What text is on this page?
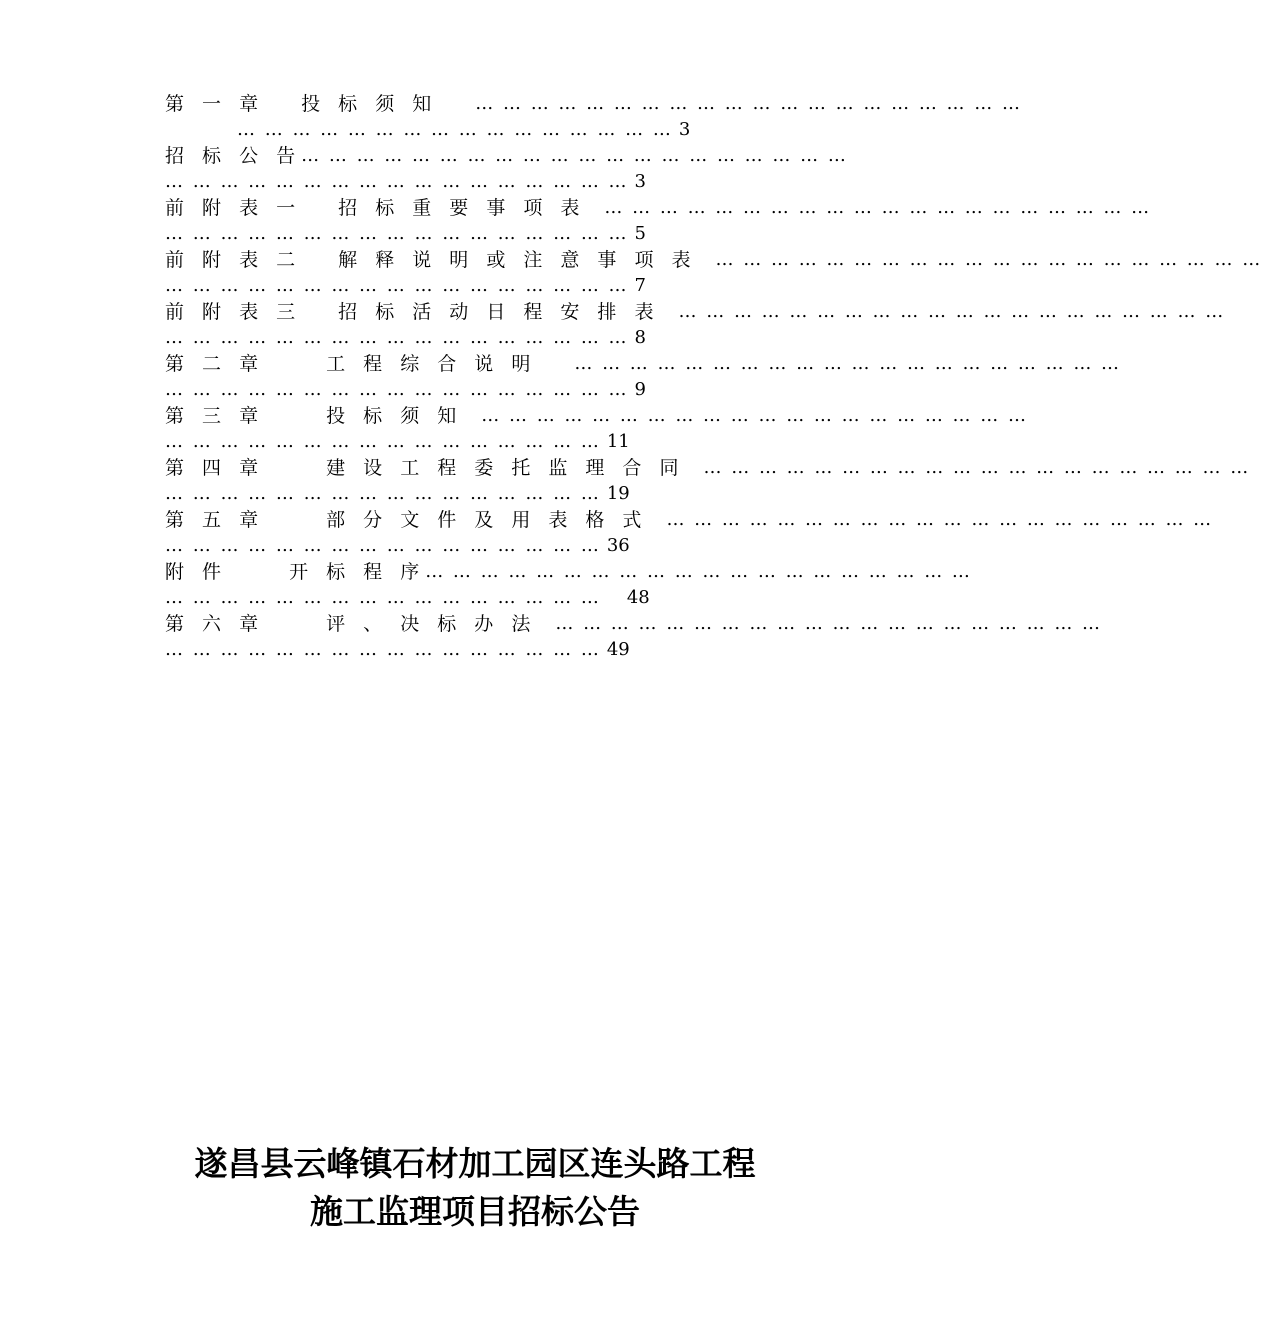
第 一 章　 投 标 须 知
　　 … … … … … … … … … … … … … … … … … … … …
… … … … … … … … … … … … … … … … 3
招 标 公 告 … … … … … … … … … … … … … … … … … … … …
… … … … … … … … … … … … … … … … … 3
前 附 表 一　 招 标 重 要 事 项 表
　 … … … … … … … … … … … … … … … … … … … …
… … … … … … … … … … … … … … … … … 5
前 附 表 二　 解 释 说 明 或 注 意 事 项 表
　 … … … … … … … … … … … … … … … … … … … …
… … … … … … … … … … … … … … … … … 7
前 附 表 三　 招 标 活 动 日 程 安 排 表
　 … … … … … … … … … … … … … … … … … … … …
… … … … … … … … … … … … … … … … … 8
第 二 章　　 工 程 综 合 说 明
　　 … … … … … … … … … … … … … … … … … … … …
… … … … … … … … … … … … … … … … … 9
第 三 章　　 投 标 须 知
　 … … … … … … … … … … … … … … … … … … … …
… … … … … … … … … … … … … … … … 11
第 四 章　　 建 设 工 程 委 托 监 理 合 同
　 … … … … … … … … … … … … … … … … … … … …
… … … … … … … … … … … … … … … … 19
第 五 章　　 部 分 文 件 及 用 表 格 式
　 … … … … … … … … … … … … … … … … … … … …
… … … … … … … … … … … … … … … … 36
附 件　　 开 标 程 序 … … … … … … … … … … … … … … … … … … … …
… … … … … … … … … … … … … … … … 48
第 六 章　　 评 、 决 标 办 法
　 … … … … … … … … … … … … … … … … … … … …
… … … … … … … … … … … … … … … … 49
遂昌县云峰镇石材加工园区连头路工程
施工监理项目招标公告
